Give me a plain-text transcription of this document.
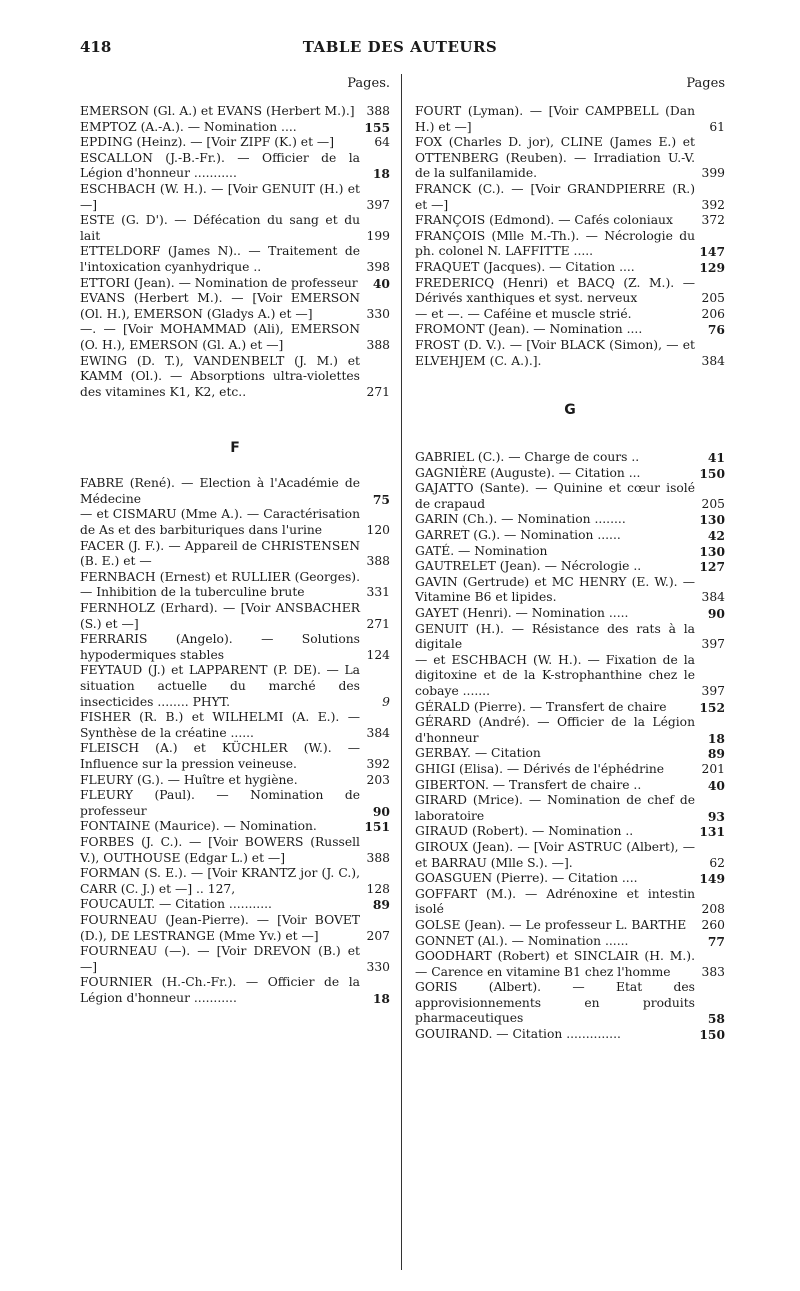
418	TABLE DES AUTEURS
Pages.
EMERSON (Gl. A.) et EVANS (Herbert M.).] 388
EMPTOZ (A.-A.). — Nomination ....	155
EPDING (Heinz). — [Voir ZIPF (K.) et —]	64
ESCALLON (J.-B.-Fr.). — Officier de la Légion d'honneur ...........	18
ESCHBACH (W. H.). — [Voir GENUIT (H.) et —]	397
ESTE (G. D'). — Défécation du sang et du lait	199
ETTELDORF (James N).. — Traitement de l'intoxication cyanhydrique ..	398
ETTORI (Jean). — Nomination de professeur	40
EVANS (Herbert M.). — [Voir EMERSON (Ol. H.), EMERSON (Gladys A.) et —]	330
—. — [Voir MOHAMMAD (Ali), EMERSON (O. H.), EMERSON (Gl. A.) et —]	388
EWING (D. T.), VANDENBELT (J. M.) et KAMM (Ol.). — Absorptions ultra-violettes des vitamines K1, K2, etc..	271
F
FABRE (René). — Election à l'Académie de Médecine	75
— et CISMARU (Mme A.). — Caractérisation de As et des barbituriques dans l'urine	120
FACER (J. F.). — Appareil de CHRISTENSEN (B. E.) et —	388
FERNBACH (Ernest) et RULLIER (Georges). — Inhibition de la tuberculine brute	331
FERNHOLZ (Erhard). — [Voir ANSBACHER (S.) et —]	271
FERRARIS (Angelo). — Solutions hypodermiques stables	124
FEYTAUD (J.) et LAPPARENT (P. DE). — La situation actuelle du marché des insecticides ........ PHYT.	9
FISHER (R. B.) et WILHELMI (A. E.). — Synthèse de la créatine ......	384
FLEISCH (A.) et KÜCHLER (W.). — Influence sur la pression veineuse.	392
FLEURY (G.). — Huître et hygiène.	203
FLEURY (Paul). — Nomination de professeur	90
FONTAINE (Maurice). — Nomination.	151
FORBES (J. C.). — [Voir BOWERS (Russell V.), OUTHOUSE (Edgar L.) et —]	388
FORMAN (S. E.). — [Voir KRANTZ jor (J. C.), CARR (C. J.) et —] .. 127,	128
FOUCAULT. — Citation ...........	89
FOURNEAU (Jean-Pierre). — [Voir BOVET (D.), DE LESTRANGE (Mme Yv.) et —]	207
FOURNEAU (—). — [Voir DREVON (B.) et —]	330
FOURNIER (H.-Ch.-Fr.). — Officier de la Légion d'honneur ...........	18
Pages
FOURT (Lyman). — [Voir CAMPBELL (Dan H.) et —]	61
FOX (Charles D. jor), CLINE (James E.) et OTTENBERG (Reuben). — Irradiation U.-V. de la sulfanilamide.	399
FRANCK (C.). — [Voir GRANDPIERRE (R.) et —]	392
FRANÇOIS (Edmond). — Cafés coloniaux	372
FRANÇOIS (Mlle M.-Th.). — Nécrologie du ph. colonel N. LAFFITTE .....	147
FRAQUET (Jacques). — Citation ....	129
FREDERICQ (Henri) et BACQ (Z. M.). — Dérivés xanthiques et syst. nerveux	205
— et —. — Caféine et muscle strié.	206
FROMONT (Jean). — Nomination ....	76
FROST (D. V.). — [Voir BLACK (Simon), — et ELVEHJEM (C. A.).].	384
G
GABRIEL (C.). — Charge de cours ..	41
GAGNIÈRE (Auguste). — Citation ...	150
GAJATTO (Sante). — Quinine et cœur isolé de crapaud	205
GARIN (Ch.). — Nomination ........	130
GARRET (G.). — Nomination ......	42
GATÉ. — Nomination	130
GAUTRELET (Jean). — Nécrologie ..	127
GAVIN (Gertrude) et MC HENRY (E. W.). — Vitamine B6 et lipides.	384
GAYET (Henri). — Nomination .....	90
GENUIT (H.). — Résistance des rats à la digitale	397
— et ESCHBACH (W. H.). — Fixation de la digitoxine et de la K-strophanthine chez le cobaye .......	397
GÉRALD (Pierre). — Transfert de chaire	152
GÉRARD (André). — Officier de la Légion d'honneur	18
GERBAY. — Citation	89
GHIGI (Elisa). — Dérivés de l'éphédrine	201
GIBERTON. — Transfert de chaire ..	40
GIRARD (Mrice). — Nomination de chef de laboratoire	93
GIRAUD (Robert). — Nomination ..	131
GIROUX (Jean). — [Voir ASTRUC (Albert), — et BARRAU (Mlle S.). —].	62
GOASGUEN (Pierre). — Citation ....	149
GOFFART (M.). — Adrénoxine et intestin isolé	208
GOLSE (Jean). — Le professeur L. BARTHE	260
GONNET (Al.). — Nomination ......	77
GOODHART (Robert) et SINCLAIR (H. M.). — Carence en vitamine B1 chez l'homme	383
GORIS (Albert). — Etat des approvisionnements en produits pharmaceutiques	58
GOUIRAND. — Citation ..............	150
